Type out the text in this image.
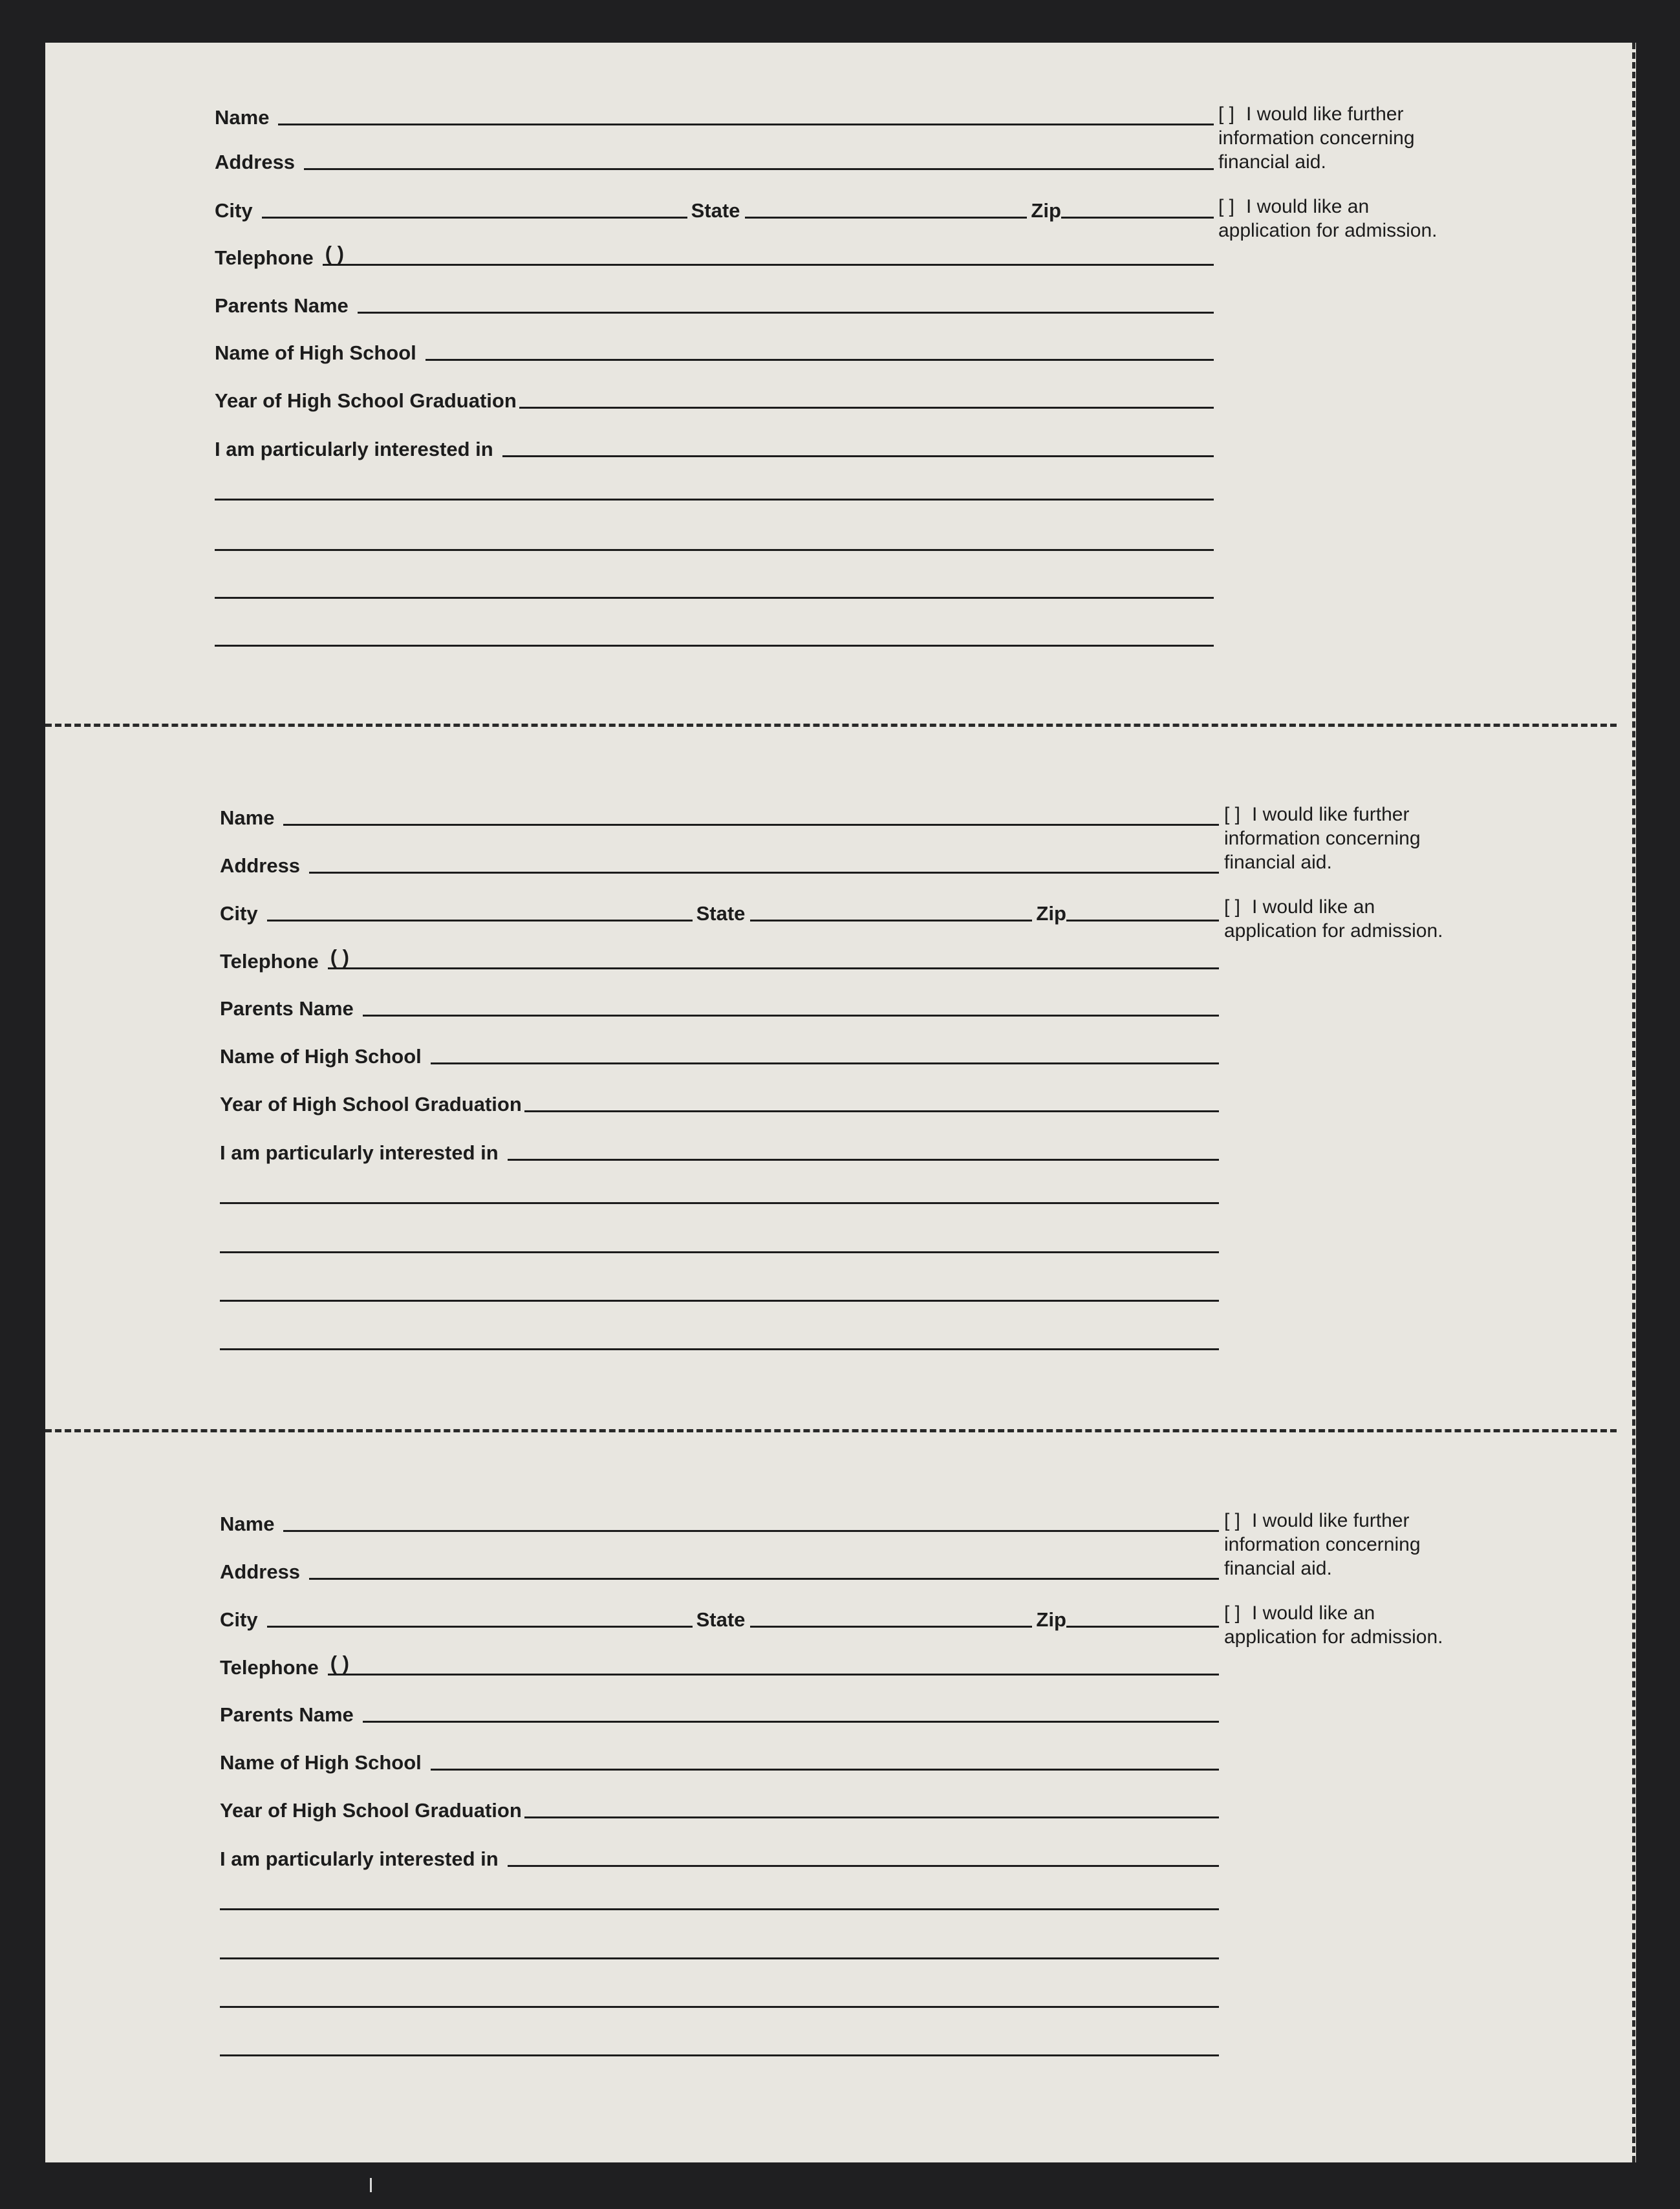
Name
Address
City	State	Zip
Telephone ( )
Parents Name
Name of High School
Year of High School Graduation
I am particularly interested in
[ ] I would like further information concerning financial aid.
[ ] I would like an application for admission.
Name
Address
City	State	Zip
Telephone ( )
Parents Name
Name of High School
Year of High School Graduation
I am particularly interested in
[ ] I would like further information concerning financial aid.
[ ] I would like an application for admission.
Name
Address
City	State	Zip
Telephone ( )
Parents Name
Name of High School
Year of High School Graduation
I am particularly interested in
[ ] I would like further information concerning financial aid.
[ ] I would like an application for admission.
